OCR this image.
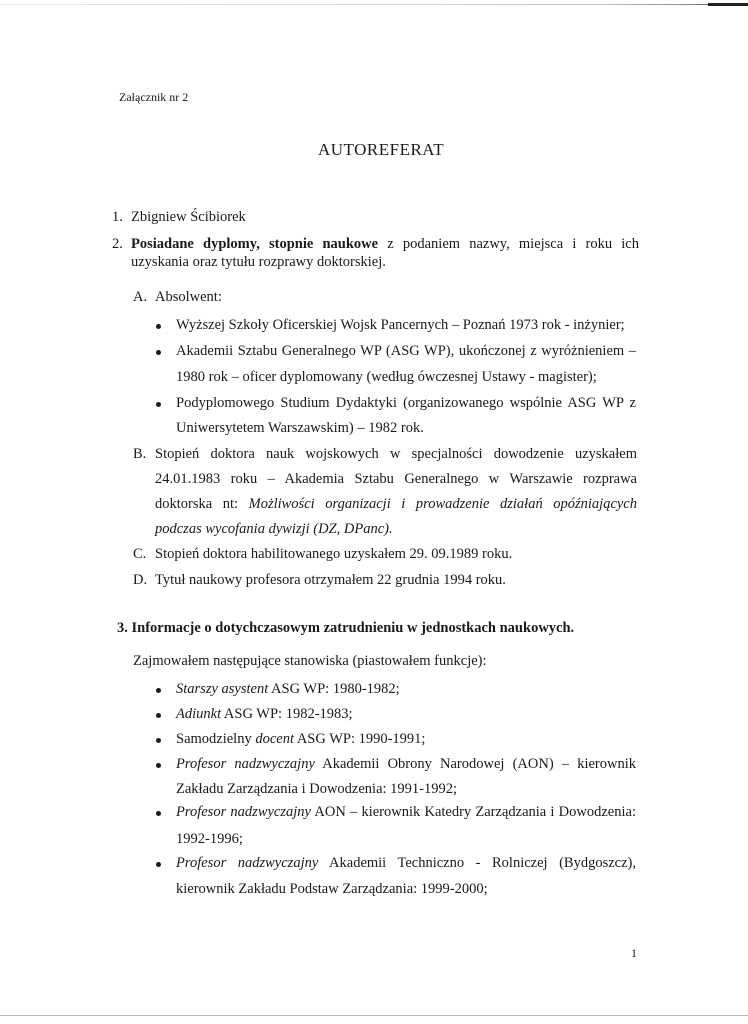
Załącznik nr 2
AUTOREFERAT
1. Zbigniew Ścibiorek
2. Posiadane dyplomy, stopnie naukowe z podaniem nazwy, miejsca i roku ich
uzyskania oraz tytułu rozprawy doktorskiej.
A. Absolwent:
Wyższej Szkoły Oficerskiej Wojsk Pancernych – Poznań 1973 rok - inżynier;
Akademii Sztabu Generalnego WP (ASG WP), ukończonej z wyróżnieniem –
1980 rok – oficer dyplomowany (według ówczesnej Ustawy - magister);
Podyplomowego Studium Dydaktyki (organizowanego wspólnie ASG WP z
Uniwersytetem Warszawskim) – 1982 rok.
B. Stopień doktora nauk wojskowych w specjalności dowodzenie uzyskałem
24.01.1983 roku – Akademia Sztabu Generalnego w Warszawie rozprawa
doktorska nt: Możliwości organizacji i prowadzenie działań opóźniających
podczas wycofania dywizji (DZ, DPanc).
C. Stopień doktora habilitowanego uzyskałem 29. 09.1989 roku.
D. Tytuł naukowy profesora otrzymałem 22 grudnia 1994 roku.
3. Informacje o dotychczasowym zatrudnieniu w jednostkach naukowych.
Zajmowałem następujące stanowiska (piastowałem funkcje):
Starszy asystent ASG WP: 1980-1982;
Adiunkt ASG WP: 1982-1983;
Samodzielny docent ASG WP: 1990-1991;
Profesor nadzwyczajny Akademii Obrony Narodowej (AON) – kierownik
Zakładu Zarządzania i Dowodzenia: 1991-1992;
Profesor nadzwyczajny AON – kierownik Katedry Zarządzania i Dowodzenia:
1992-1996;
Profesor nadzwyczajny Akademii Techniczno - Rolniczej (Bydgoszcz),
kierownik Zakładu Podstaw Zarządzania: 1999-2000;
1
